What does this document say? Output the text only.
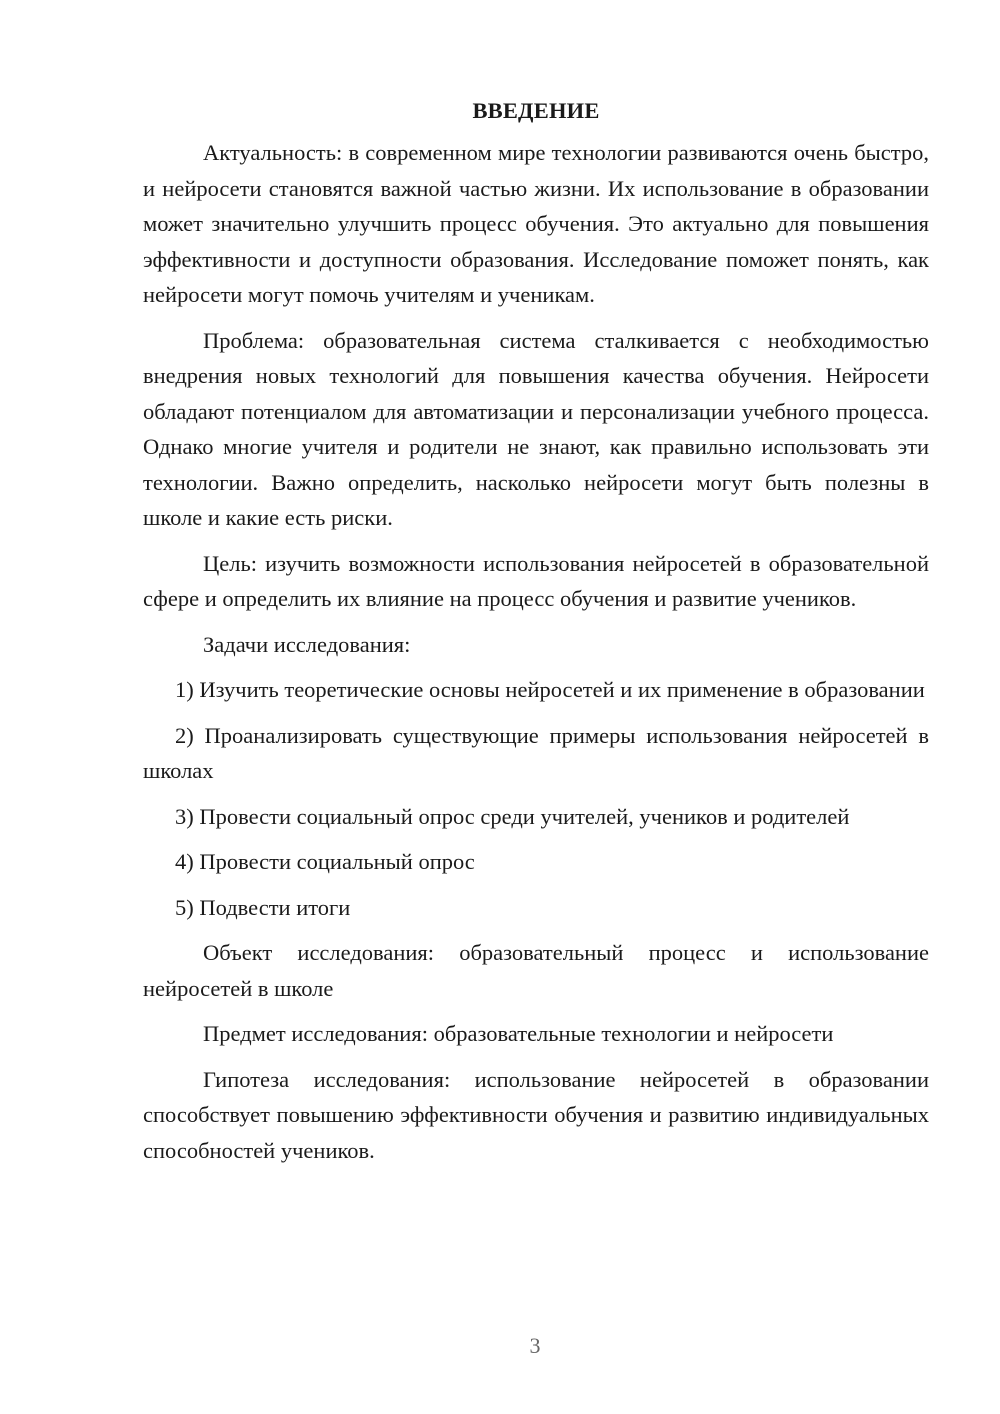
ВВЕДЕНИЕ

Актуальность: в современном мире технологии развиваются очень быстро, и нейросети становятся важной частью жизни. Их использование в образовании может значительно улучшить процесс обучения. Это актуально для повышения эффективности и доступности образования. Исследование поможет понять, как нейросети могут помочь учителям и ученикам.

Проблема: образовательная система сталкивается с необходимостью внедрения новых технологий для повышения качества обучения. Нейросети обладают потенциалом для автоматизации и персонализации учебного процесса. Однако многие учителя и родители не знают, как правильно использовать эти технологии. Важно определить, насколько нейросети могут быть полезны в школе и какие есть риски.

Цель: изучить возможности использования нейросетей в образовательной сфере и определить их влияние на процесс обучения и развитие учеников.

Задачи исследования:

1) Изучить теоретические основы нейросетей и их применение в образовании

2) Проанализировать существующие примеры использования нейросетей в школах

3) Провести социальный опрос среди учителей, учеников и родителей

4) Провести социальный опрос

5) Подвести итоги

Объект исследования: образовательный процесс и использование нейросетей в школе

Предмет исследования: образовательные технологии и нейросети

Гипотеза исследования: использование нейросетей в образовании способствует повышению эффективности обучения и развитию индивидуальных способностей учеников.

3
